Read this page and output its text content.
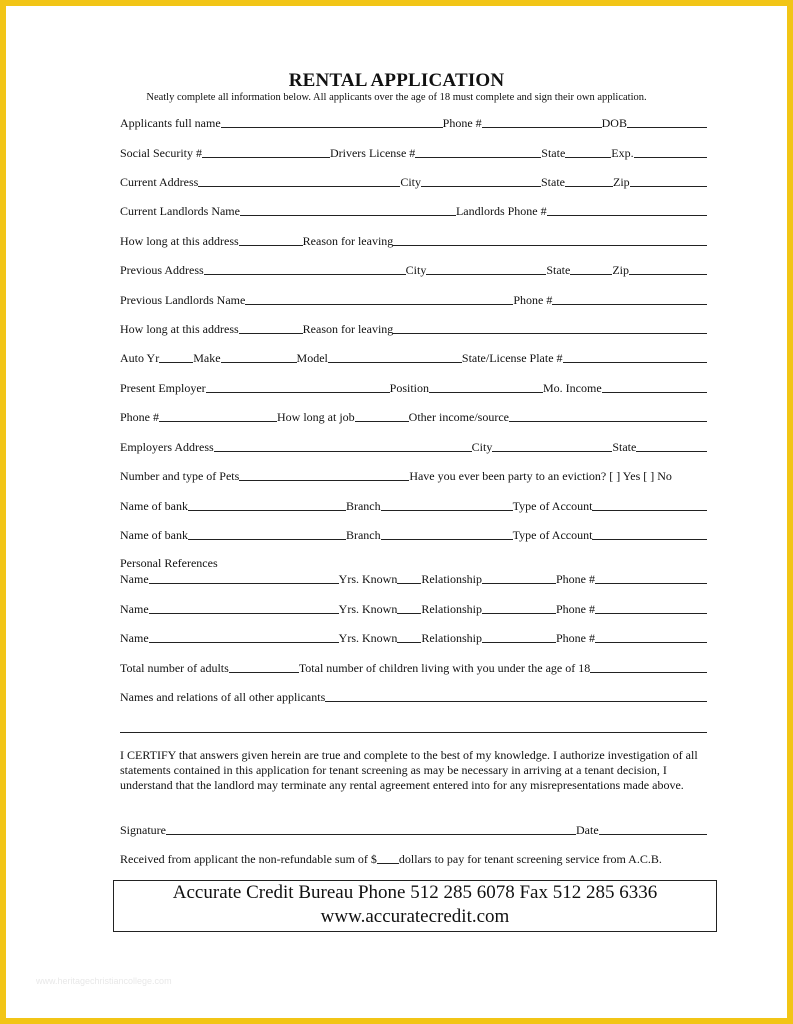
RENTAL APPLICATION
Neatly complete all information below. All applicants over the age of 18 must complete and sign their own application.
Applicants full name	Phone #	DOB
Social Security #	Drivers License #	State	Exp.
Current Address	City	State	Zip
Current Landlords Name	Landlords Phone #
How long at this address	Reason for leaving
Previous Address	City	State	Zip
Previous Landlords Name	Phone #
How long at this address	Reason for leaving
Auto Yr	Make	Model	State/License Plate #
Present Employer	Position	Mo. Income
Phone #	How long at job	Other income/source
Employers Address	City	State
Number and type of Pets	Have you ever been party to an eviction? [ ] Yes [ ] No
Name of bank	Branch	Type of Account
Name of bank	Branch	Type of Account
Personal References
Name	Yrs. Known Relationship	Phone #
Name	Yrs. Known Relationship	Phone #
Name	Yrs. Known Relationship	Phone #
Total number of adults	Total number of children living with you under the age of 18
Names and relations of all other applicants
I CERTIFY that answers given herein are true and complete to the best of my knowledge. I authorize investigation of all statements contained in this application for tenant screening as may be necessary in arriving at a tenant decision, I understand that the landlord may terminate any rental agreement entered into for any misrepresentations made above.
Signature	Date
Received from applicant the non-refundable sum of $ dollars to pay for tenant screening service from A.C.B.
Accurate Credit Bureau Phone 512 285 6078 Fax 512 285 6336
www.accuratecredit.com
www.heritagechristiancollege.com
